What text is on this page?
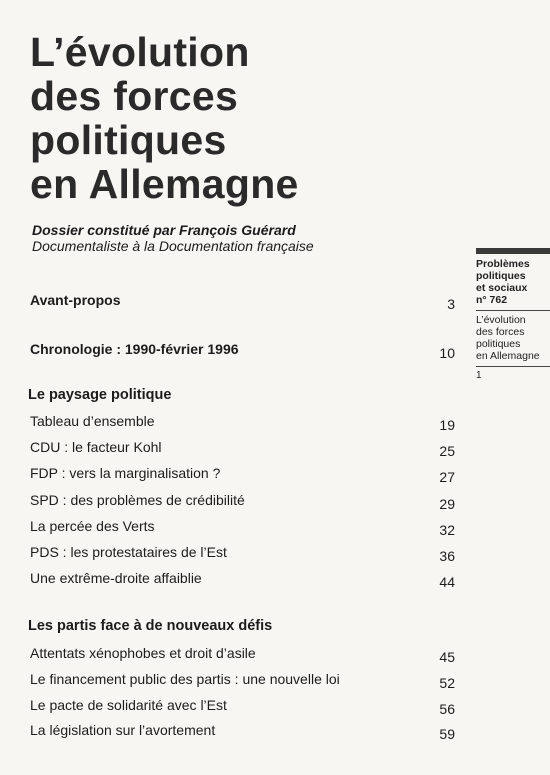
L’évolution
des forces
politiques
en Allemagne
Dossier constitué par François Guérard
Documentaliste à la Documentation française
Problèmes
politiques
et sociaux
n° 762
L’évolution
des forces
politiques
en Allemagne
1
Avant-propos	3
Chronologie : 1990-février 1996	10
Le paysage politique
Tableau d’ensemble	19
CDU : le facteur Kohl	25
FDP : vers la marginalisation ?	27
SPD : des problèmes de crédibilité	29
La percée des Verts	32
PDS : les protestataires de l’Est	36
Une extrême-droite affaiblie	44
Les partis face à de nouveaux défis
Attentats xénophobes et droit d’asile	45
Le financement public des partis : une nouvelle loi	52
Le pacte de solidarité avec l’Est	56
La législation sur l’avortement	59
